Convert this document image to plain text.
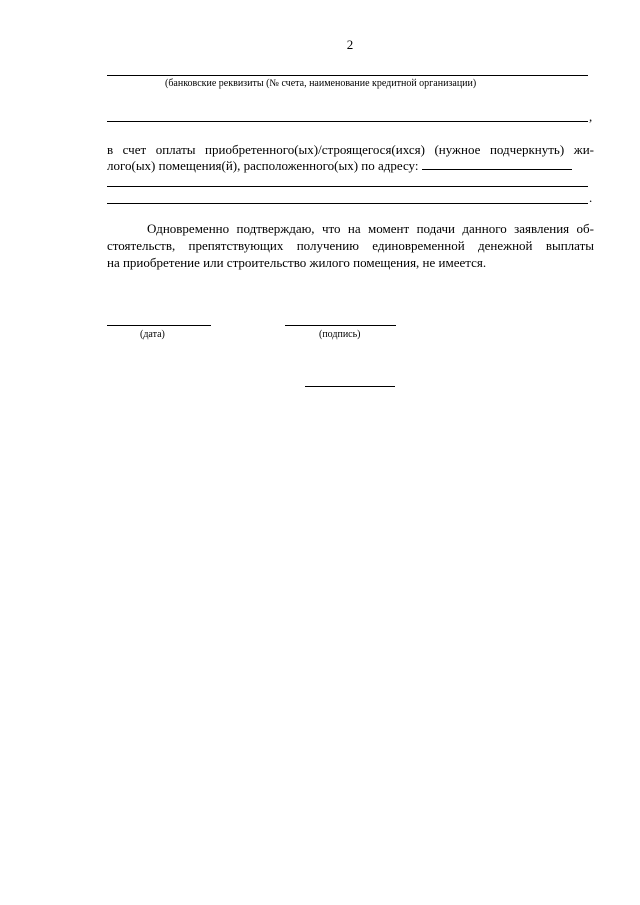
2
(банковские реквизиты (№ счета, наименование кредитной организации)
,
в счет оплаты приобретенного(ых)/строящегося(ихся) (нужное подчеркнуть) жи-
лого(ых) помещения(й), расположенного(ых) по адресу:
.
Одновременно подтверждаю, что на момент подачи данного заявления об-
стоятельств, препятствующих получению единовременной денежной выплаты
на приобретение или строительство жилого помещения, не имеется.
(дата)	(подпись)
